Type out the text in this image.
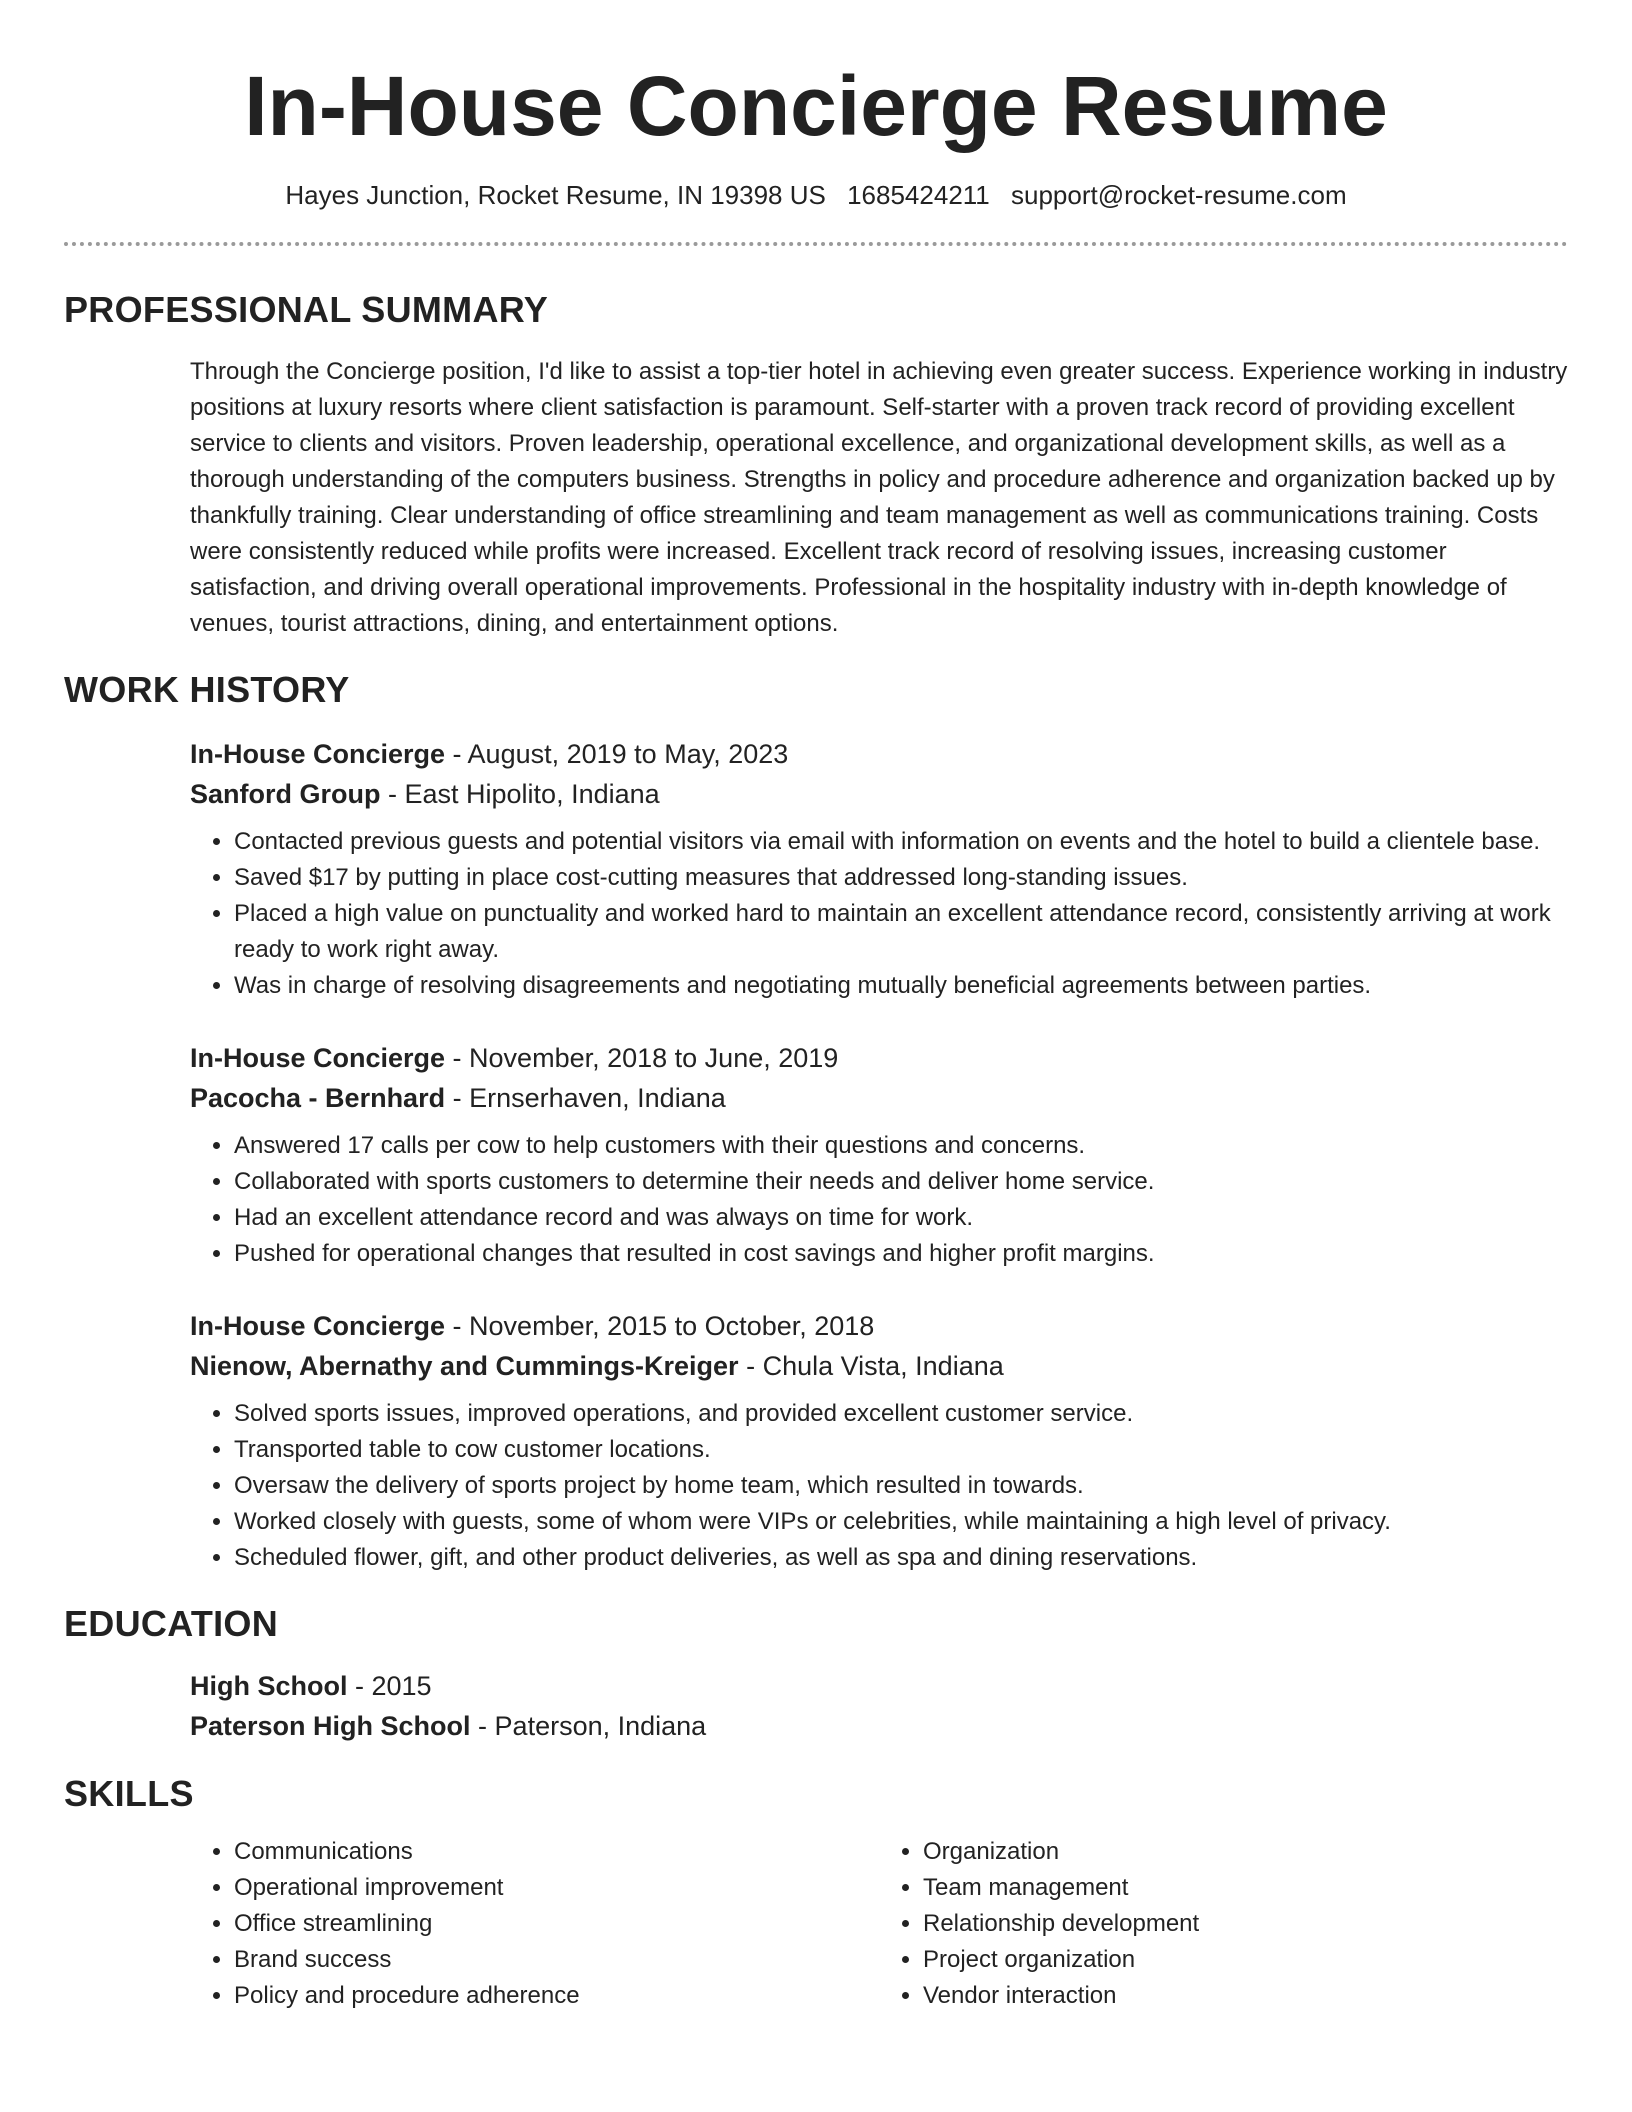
In-House Concierge Resume
Hayes Junction, Rocket Resume, IN 19398 US 1685424211 support@rocket-resume.com
PROFESSIONAL SUMMARY
Through the Concierge position, I'd like to assist a top-tier hotel in achieving even greater success. Experience working in industry positions at luxury resorts where client satisfaction is paramount. Self-starter with a proven track record of providing excellent service to clients and visitors. Proven leadership, operational excellence, and organizational development skills, as well as a thorough understanding of the computers business. Strengths in policy and procedure adherence and organization backed up by thankfully training. Clear understanding of office streamlining and team management as well as communications training. Costs were consistently reduced while profits were increased. Excellent track record of resolving issues, increasing customer satisfaction, and driving overall operational improvements. Professional in the hospitality industry with in-depth knowledge of venues, tourist attractions, dining, and entertainment options.
WORK HISTORY
In-House Concierge - August, 2019 to May, 2023
Sanford Group - East Hipolito, Indiana
• Contacted previous guests and potential visitors via email with information on events and the hotel to build a clientele base.
• Saved $17 by putting in place cost-cutting measures that addressed long-standing issues.
• Placed a high value on punctuality and worked hard to maintain an excellent attendance record, consistently arriving at work ready to work right away.
• Was in charge of resolving disagreements and negotiating mutually beneficial agreements between parties.
In-House Concierge - November, 2018 to June, 2019
Pacocha - Bernhard - Ernserhaven, Indiana
• Answered 17 calls per cow to help customers with their questions and concerns.
• Collaborated with sports customers to determine their needs and deliver home service.
• Had an excellent attendance record and was always on time for work.
• Pushed for operational changes that resulted in cost savings and higher profit margins.
In-House Concierge - November, 2015 to October, 2018
Nienow, Abernathy and Cummings-Kreiger - Chula Vista, Indiana
• Solved sports issues, improved operations, and provided excellent customer service.
• Transported table to cow customer locations.
• Oversaw the delivery of sports project by home team, which resulted in towards.
• Worked closely with guests, some of whom were VIPs or celebrities, while maintaining a high level of privacy.
• Scheduled flower, gift, and other product deliveries, as well as spa and dining reservations.
EDUCATION
High School - 2015
Paterson High School - Paterson, Indiana
SKILLS
• Communications
• Operational improvement
• Office streamlining
• Brand success
• Policy and procedure adherence
• Organization
• Team management
• Relationship development
• Project organization
• Vendor interaction
